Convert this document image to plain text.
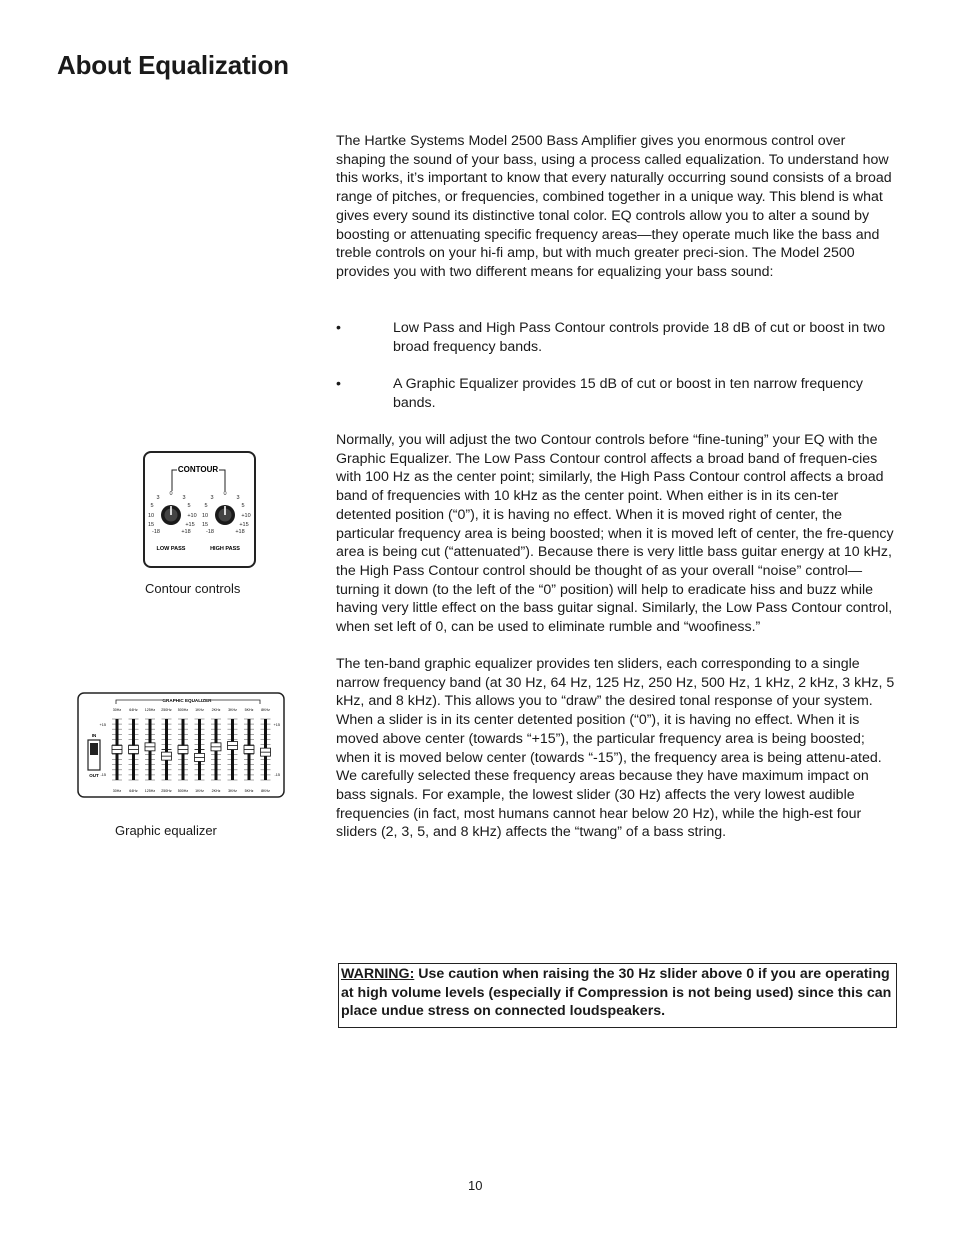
About Equalization

The Hartke Systems Model 2500 Bass Amplifier gives you enormous control over shaping the sound of your bass, using a process called equalization. To understand how this works, it’s important to know that every naturally occurring sound consists of a broad range of pitches, or frequencies, combined together in a unique way. This blend is what gives every sound its distinctive tonal color. EQ controls allow you to alter a sound by boosting or attenuating specific frequency areas—they operate much like the bass and treble controls on your hi-fi amp, but with much greater preci-sion. The Model 2500 provides you with two different means for equalizing your bass sound:

•	Low Pass and High Pass Contour controls provide 18 dB of cut or boost in two broad frequency bands.
•	A Graphic Equalizer provides 15 dB of cut or boost in ten narrow frequency bands.

Normally, you will adjust the two Contour controls before “fine-tuning” your EQ with the Graphic Equalizer. The Low Pass Contour control affects a broad band of frequen-cies with 100 Hz as the center point; similarly, the High Pass Contour control affects a broad band of frequencies with 10 kHz as the center point. When either is in its cen-ter detented position (“0”), it is having no effect. When it is moved right of center, the particular frequency area is being boosted; when it is moved left of center, the fre-quency area is being cut (“attenuated”). Because there is very little bass guitar energy at 10 kHz, the High Pass Contour control should be thought of as your overall “noise” control—turning it down (to the left of the “0” position) will help to eradicate hiss and buzz while having very little effect on the bass guitar signal. Similarly, the Low Pass Contour control, when set left of 0, can be used to eliminate rumble and “woofiness.”

The ten-band graphic equalizer provides ten sliders, each corresponding to a single narrow frequency band (at 30 Hz, 64 Hz, 125 Hz, 250 Hz, 500 Hz, 1 kHz, 2 kHz, 3 kHz, 5 kHz, and 8 kHz). This allows you to “draw” the desired tonal response of your system. When a slider is in its center detented position (“0”), it is having no effect. When it is moved above center (towards “+15”), the particular frequency area is being boosted; when it is moved below center (towards “-15”), the frequency area is being attenu-ated. We carefully selected these frequency areas because they have maximum impact on bass signals. For example, the lowest slider (30 Hz) affects the very lowest audible frequencies (in fact, most humans cannot hear below 20 Hz), while the high-est four sliders (2, 3, 5, and 8 kHz) affects the “twang” of a bass string.

CONTOUR
0
3	3
5	5
10	+10
15	+15
-18	+18
0
3	3
5	5
10	+10
15	+15
-18	+18
LOW PASS	HIGH PASS
Contour controls
GRAPHIC EQUALIZER
IN
OUT
+15
-15
+15
-15
30Hz
30Hz
64Hz
64Hz
125Hz
125Hz
250Hz
250Hz
500Hz
500Hz
1KHz
1KHz
2KHz
2KHz
3KHz
3KHz
5KHz
5KHz
8KHz
8KHz
Graphic equalizer
WARNING: Use caution when raising the 30 Hz slider above 0 if you are operating at high volume levels (especially if Compression is not being used) since this can place undue stress on connected loudspeakers.
10
